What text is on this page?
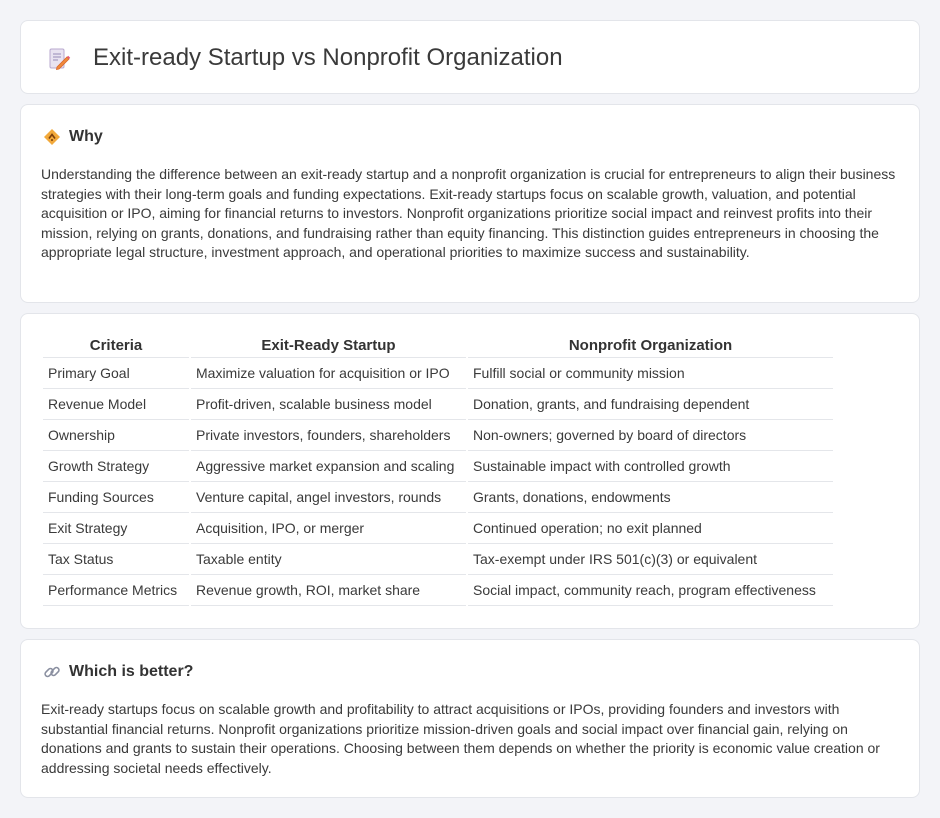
Exit-ready Startup vs Nonprofit Organization
Why

Understanding the difference between an exit-ready startup and a nonprofit organization is crucial for entrepreneurs to align their business strategies with their long-term goals and funding expectations. Exit-ready startups focus on scalable growth, valuation, and potential acquisition or IPO, aiming for financial returns to investors. Nonprofit organizations prioritize social impact and reinvest profits into their mission, relying on grants, donations, and fundraising rather than equity financing. This distinction guides entrepreneurs in choosing the appropriate legal structure, investment approach, and operational priorities to maximize success and sustainability.

Criteria	Exit-Ready Startup	Nonprofit Organization
Primary Goal	Maximize valuation for acquisition or IPO	Fulfill social or community mission
Revenue Model	Profit-driven, scalable business model	Donation, grants, and fundraising dependent
Ownership	Private investors, founders, shareholders	Non-owners; governed by board of directors
Growth Strategy	Aggressive market expansion and scaling	Sustainable impact with controlled growth
Funding Sources	Venture capital, angel investors, rounds	Grants, donations, endowments
Exit Strategy	Acquisition, IPO, or merger	Continued operation; no exit planned
Tax Status	Taxable entity	Tax-exempt under IRS 501(c)(3) or equivalent
Performance Metrics	Revenue growth, ROI, market share	Social impact, community reach, program effectiveness
Which is better?

Exit-ready startups focus on scalable growth and profitability to attract acquisitions or IPOs, providing founders and investors with substantial financial returns. Nonprofit organizations prioritize mission-driven goals and social impact over financial gain, relying on donations and grants to sustain their operations. Choosing between them depends on whether the priority is economic value creation or addressing societal needs effectively.
